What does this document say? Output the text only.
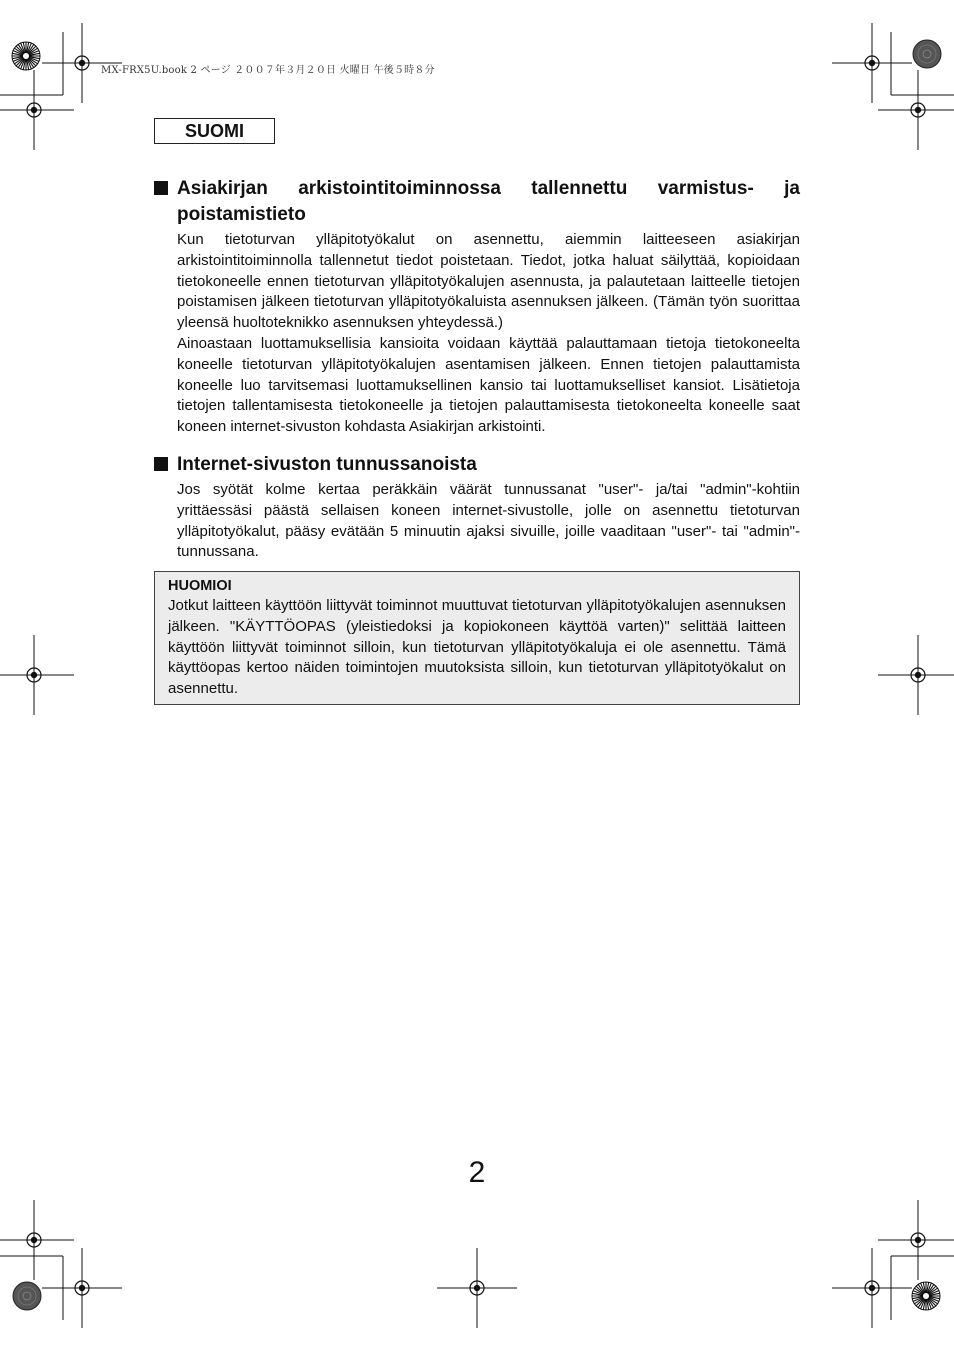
MX-FRX5U.book 2 ページ ２００７年３月２０日 火曜日 午後５時８分
SUOMI
Asiakirjan arkistointitoiminnossa tallennettu varmistus- ja poistamistieto

Kun tietoturvan ylläpitotyökalut on asennettu, aiemmin laitteeseen asiakirjan arkistointitoiminnolla tallennetut tiedot poistetaan. Tiedot, jotka haluat säilyttää, kopioidaan tietokoneelle ennen tietoturvan ylläpitotyökalujen asennusta, ja palautetaan laitteelle tietojen poistamisen jälkeen tietoturvan ylläpitotyökaluista asennuksen jälkeen. (Tämän työn suorittaa yleensä huoltoteknikko asennuksen yhteydessä.)

Ainoastaan luottamuksellisia kansioita voidaan käyttää palauttamaan tietoja tietokoneelta koneelle tietoturvan ylläpitotyökalujen asentamisen jälkeen. Ennen tietojen palauttamista koneelle luo tarvitsemasi luottamuksellinen kansio tai luottamukselliset kansiot. Lisätietoja tietojen tallentamisesta tietokoneelle ja tietojen palauttamisesta tietokoneelta koneelle saat koneen internet-sivuston kohdasta Asiakirjan arkistointi.

Internet-sivuston tunnussanoista

Jos syötät kolme kertaa peräkkäin väärät tunnussanat "user"- ja/tai "admin"-kohtiin yrittäessäsi päästä sellaisen koneen internet-sivustolle, jolle on asennettu tietoturvan ylläpitotyökalut, pääsy evätään 5 minuutin ajaksi sivuille, joille vaaditaan "user"- tai "admin"-tunnussana.

HUOMIOI

Jotkut laitteen käyttöön liittyvät toiminnot muuttuvat tietoturvan ylläpitotyökalujen asennuksen jälkeen. "KÄYTTÖOPAS (yleistiedoksi ja kopiokoneen käyttöä varten)" selittää laitteen käyttöön liittyvät toiminnot silloin, kun tietoturvan ylläpitotyökaluja ei ole asennettu. Tämä käyttöopas kertoo näiden toimintojen muutoksista silloin, kun tietoturvan ylläpitotyökalut on asennettu.

2
